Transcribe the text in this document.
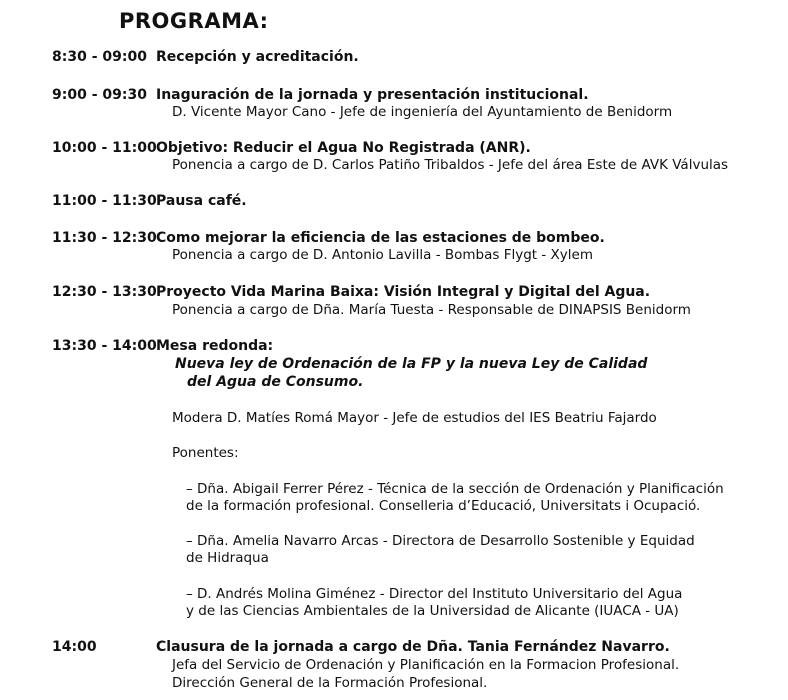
PROGRAMA:
8:30 - 09:00 Recepción y acreditación.
9:00 - 09:30 Inaguración de la jornada y presentación institucional.
D. Vicente Mayor Cano - Jefe de ingeniería del Ayuntamiento de Benidorm
10:00 - 11:00 Objetivo: Reducir el Agua No Registrada (ANR).
Ponencia a cargo de D. Carlos Patiño Tribaldos - Jefe del área Este de AVK Válvulas
11:00 - 11:30 Pausa café.
11:30 - 12:30 Como mejorar la eficiencia de las estaciones de bombeo.
Ponencia a cargo de D. Antonio Lavilla - Bombas Flygt - Xylem
12:30 - 13:30 Proyecto Vida Marina Baixa: Visión Integral y Digital del Agua.
Ponencia a cargo de Dña. María Tuesta - Responsable de DINAPSIS Benidorm
13:30 - 14:00 Mesa redonda:
Nueva ley de Ordenación de la FP y la nueva Ley de Calidad
del Agua de Consumo.
Modera D. Matíes Romá Mayor - Jefe de estudios del IES Beatriu Fajardo
Ponentes:
– Dña. Abigail Ferrer Pérez - Técnica de la sección de Ordenación y Planificación
de la formación profesional. Conselleria d’Educació, Universitats i Ocupació.
– Dña. Amelia Navarro Arcas - Directora de Desarrollo Sostenible y Equidad
de Hidraqua
– D. Andrés Molina Giménez - Director del Instituto Universitario del Agua
y de las Ciencias Ambientales de la Universidad de Alicante (IUACA - UA)
14:00	Clausura de la jornada a cargo de Dña. Tania Fernández Navarro.
Jefa del Servicio de Ordenación y Planificación en la Formacion Profesional.
Dirección General de la Formación Profesional.
